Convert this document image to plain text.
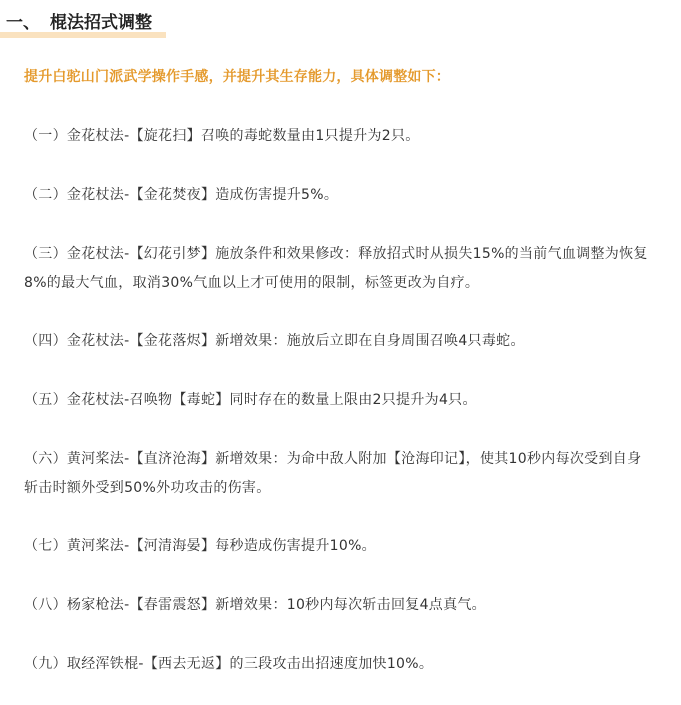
一、 棍法招式调整
提升白驼山门派武学操作手感，并提升其生存能力，具体调整如下：
（一）金花杖法-【旋花扫】召唤的毒蛇数量由1只提升为2只。
（二）金花杖法-【金花焚夜】造成伤害提升5%。
（三）金花杖法-【幻花引梦】施放条件和效果修改：释放招式时从损失15%的当前气血调整为恢复8%的最大气血，取消30%气血以上才可使用的限制，标签更改为自疗。
（四）金花杖法-【金花落烬】新增效果：施放后立即在自身周围召唤4只毒蛇。
（五）金花杖法-召唤物【毒蛇】同时存在的数量上限由2只提升为4只。
（六）黄河桨法-【直济沧海】新增效果：为命中敌人附加【沧海印记】，使其10秒内每次受到自身斩击时额外受到50%外功攻击的伤害。
（七）黄河桨法-【河清海晏】每秒造成伤害提升10%。
（八）杨家枪法-【春雷震怒】新增效果：10秒内每次斩击回复4点真气。
（九）取经浑铁棍-【西去无返】的三段攻击出招速度加快10%。
